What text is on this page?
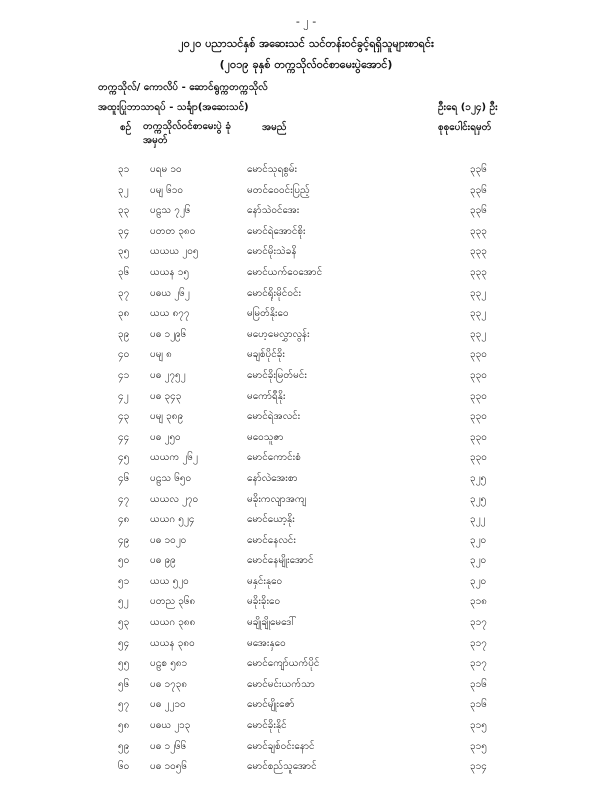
- ၂ -
၂၀၂၀ ပညာသင်နှစ် အဆေးသင် သင်တန်းဝင်ခွင့်ရရှိသူများစာရင်း
(၂၀၁၉ ခုနှစ် တက္ကသိုလ်ဝင်စာမေးပွဲအောင်)
တက္ကသိုလ်/ ကောလိပ် - ဆောင်ရွက္ကတက္ကသိုလ်
အထူးပြုဘာသာရပ် - သင်္ချာ(အဆေးသင်)	ဦးရေ (၁၂၄) ဦး
စဉ် တက္ကသိုလ်ဝင်စာမေးပွဲ ခုံအမှတ်
အမည်	စုစုပေါင်းရမှတ်
၃၁ ပရမ ၁၀	မောင်သုရစွမ်း	၃၃၆
၃၂ ပမျ ၆၁၀	မတင်ဝေဝင်းပြည့်	၃၃၆
၃၃ ပဠသ ၇၂၆	နော်သဲဝင်အေး	၃၃၆
၃၄ ပတတ ၃၈၀	မောင်ရဲအောင်စိုး	၃၃၃
၃၅ ယယယ ၂၀၅	မောင်မိုးသဲခနိ	၃၃၃
၃၆ ယယန ၁၅	မောင်ယက်ဝေအောင်	၃၃၃
၃၇ ပဓယ ၂၆၂	မောင်ရိုးမိုင်ဝင်း	၃၃၂
၃၈ ယယ ၈၇၇	မမြတ်နိုးဝေ	၃၃၂
၃၉ ပဓ ၁၂၉၆	မဟေ့မေလွှာလွန်း	၃၃၂
၄၀ ပမျ ၈	မချစ်ပိုင်ခိုး	၃၃၀
၄၁ ပဓ ၂၇၅၂	မောင်ခိုးမြတ်မင်း	၃၃၀
၄၂ ပဓ ၃၄၃	မကော်ရီနိုး	၃၃၀
၄၃ ပမျ ၃၈၉	မောင်ရဲအလင်း	၃၃၀
၄၄ ပဓ ၂၅၀	မဝေသူဇာ	၃၃၀
၄၅ ယယက ၂၆၂	မောင်ကောင်းစံ	၃၃၀
၄၆ ပဠသ ၆၅၀	နော်လဲအေးစာ	၃၂၅
၄၇ ယယလ ၂၇၀	မခိုးကလျာအကျ	၃၂၅
၄၈ ယယဂ ၅၂၄	မောင်ယော့နိုး	၃၂၂
၄၉ ပဓ ၁၀၂၀	မောင်နေလင်း	၃၂၀
၅၀ ပဓ ၉၉	မောင်နေမျိုးအောင်	၃၂၀
၅၁ ယယ ၅၂၀	မနှင်းနုဝေ	၃၂၀
၅၂ ပတည ၃၆၈	မခိုးခိုးဝေ	၃၁၈
၅၃ ယယဂ ၃၈၈	မချိုချိုမေဒေါ်	၃၁၇
၅၄ ယယန ၃၈၀	မအေးနှဝေ	၃၁၇
၅၅ ပဠစ ၅၈၁	မောင်ကျော်ယက်ပိုင်	၃၁၇
၅၆ ပဓ ၁၇၃၈	မောင်မင်းယက်သာ	၃၁၆
၅၇ ပဓ ၂၂၁၀	မောင်မျိုးဇော်	၃၁၆
၅၈ ပဓယ ၂၁၃	မောင်ခိုးနိုင်	၃၁၅
၅၉ ပဓ ၁၂၆၆	မောင်ချစ်ဝင်းနောင်	၃၁၅
၆၀ ပဓ ၁၀၅၆	မောင်စည်သူအောင်	၃၁၄
